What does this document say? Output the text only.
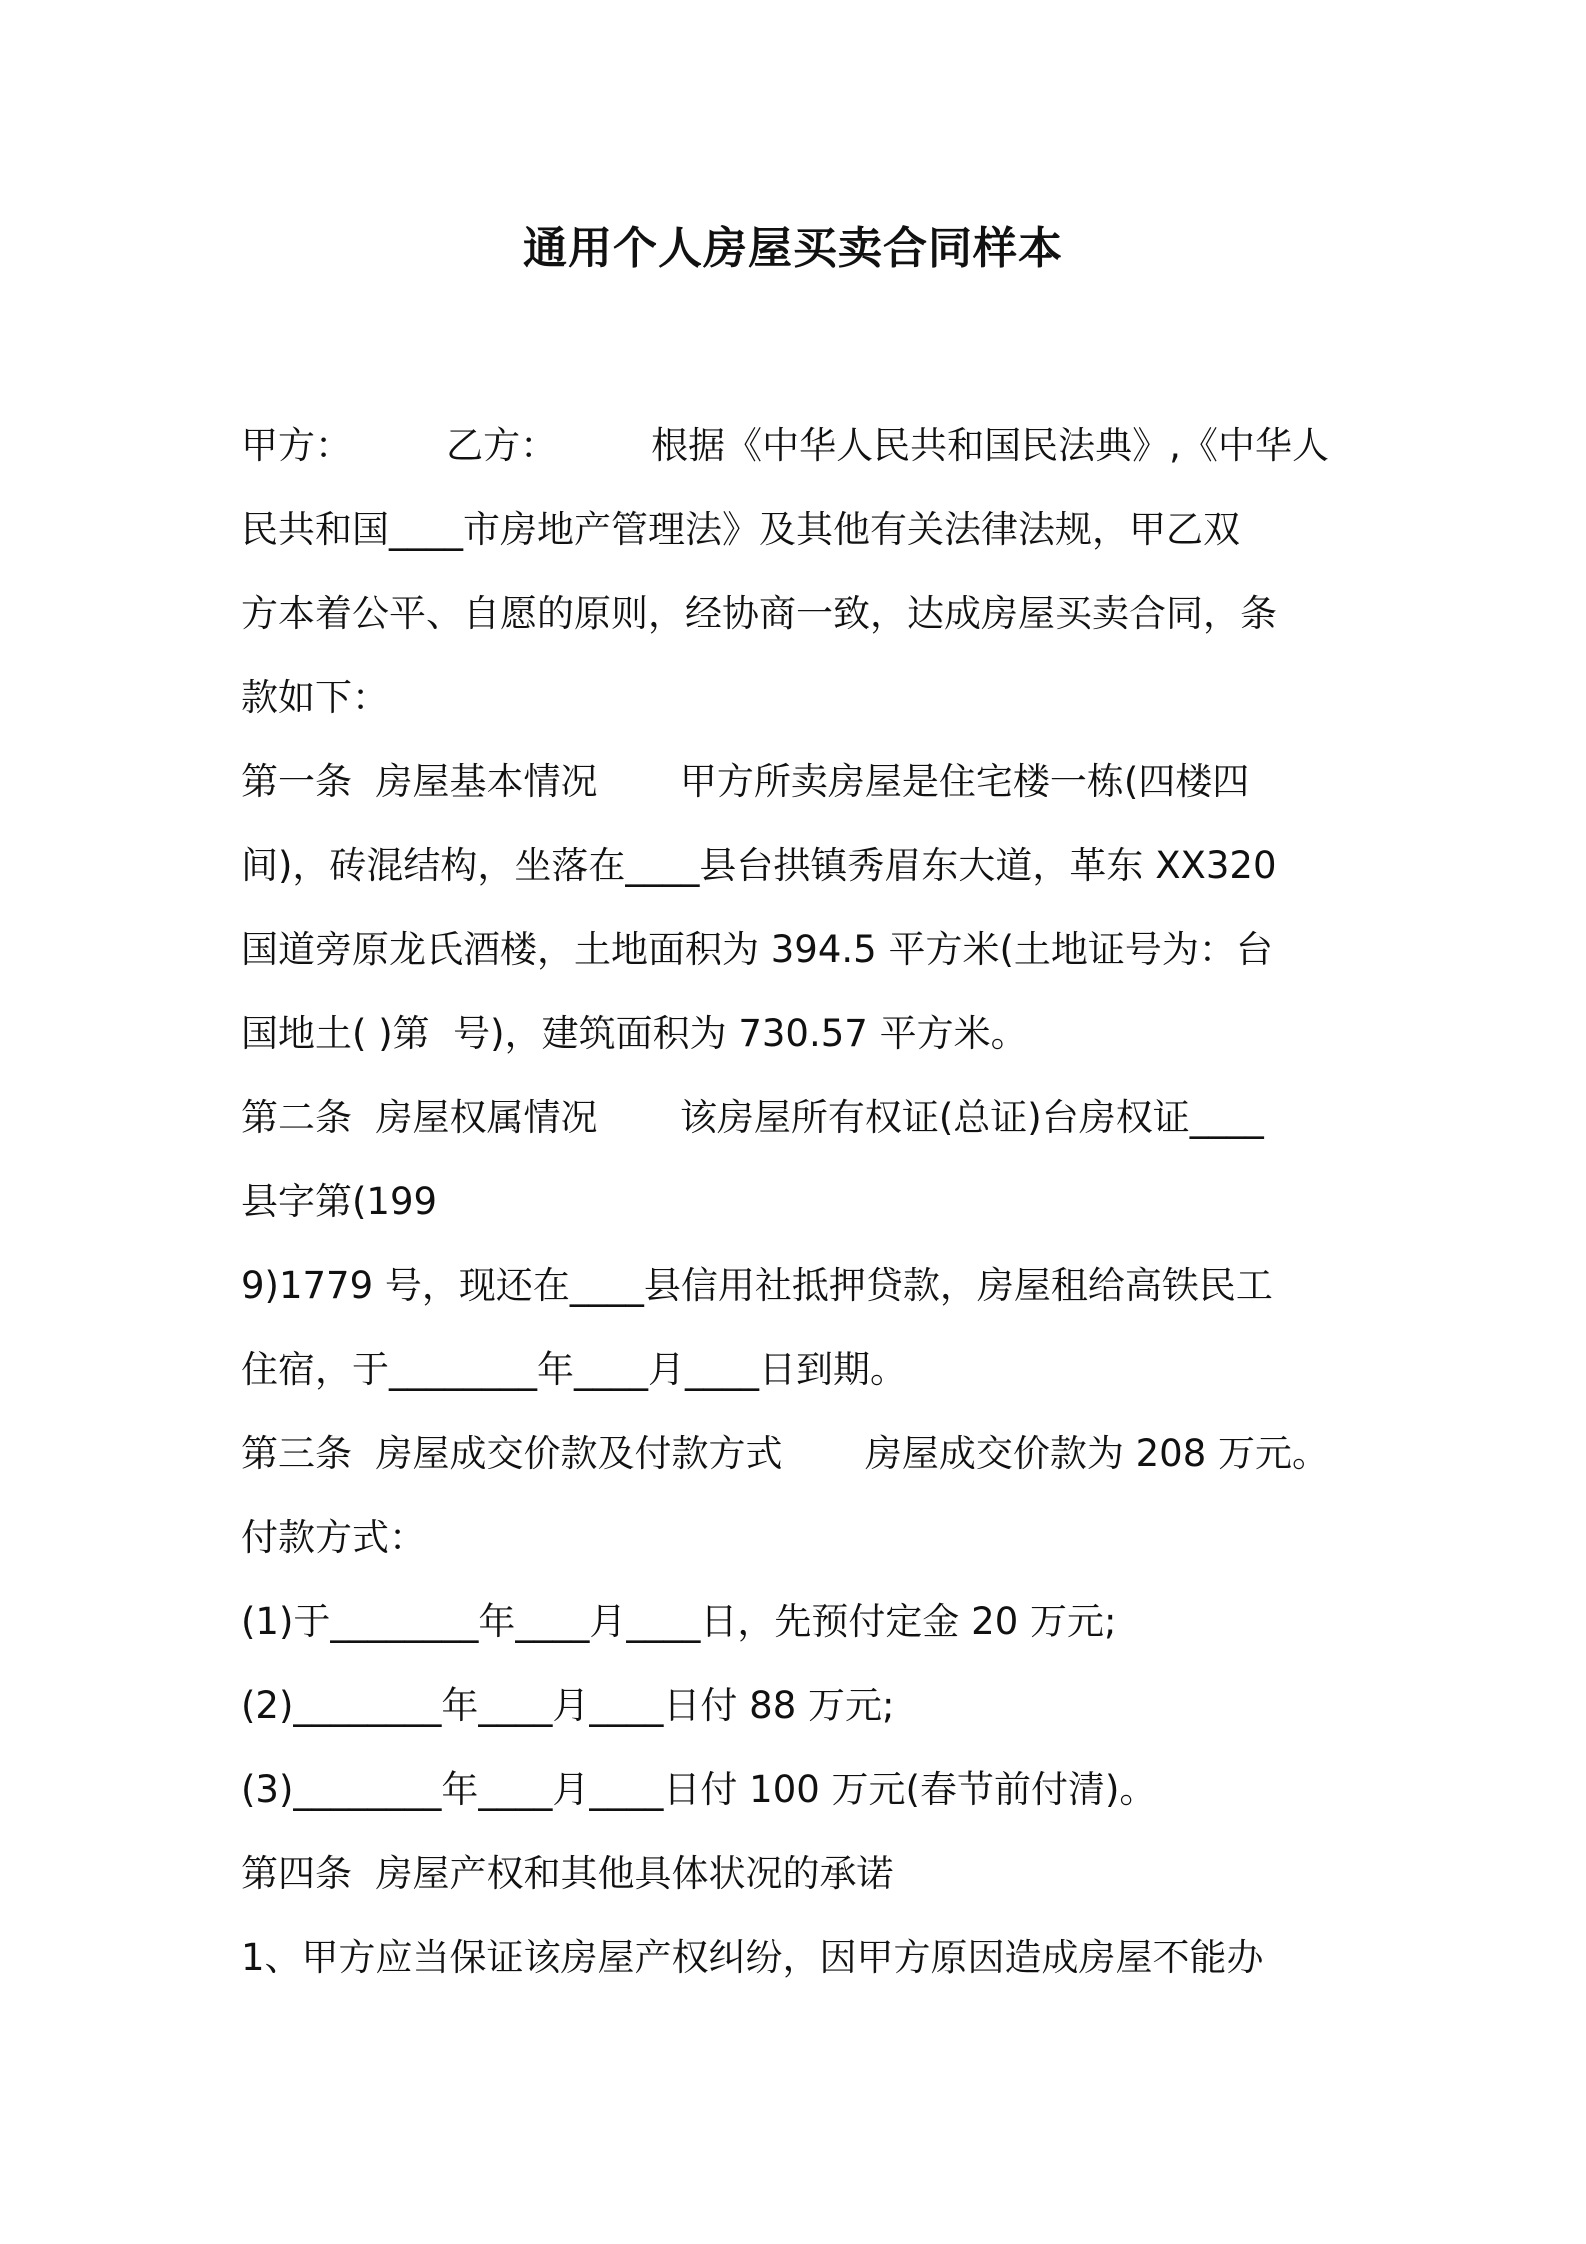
通用个人房屋买卖合同样本
甲方：        乙方：        根据《中华人民共和国民法典》,《中华人
民共和国____市房地产管理法》及其他有关法律法规，甲乙双
方本着公平、自愿的原则，经协商一致，达成房屋买卖合同，条
款如下：
第一条  房屋基本情况       甲方所卖房屋是住宅楼一栋(四楼四
间)，砖混结构，坐落在____县台拱镇秀眉东大道，革东 XX320
国道旁原龙氏酒楼，土地面积为 394.5 平方米(土地证号为：台
国地土( )第  号)，建筑面积为 730.57 平方米。
第二条  房屋权属情况       该房屋所有权证(总证)台房权证____
县字第(199
9)1779 号，现还在____县信用社抵押贷款，房屋租给高铁民工
住宿，于________年____月____日到期。
第三条  房屋成交价款及付款方式       房屋成交价款为 208 万元。
付款方式：
(1)于________年____月____日，先预付定金 20 万元;
(2)________年____月____日付 88 万元;
(3)________年____月____日付 100 万元(春节前付清)。
第四条  房屋产权和其他具体状况的承诺
1、甲方应当保证该房屋产权纠纷，因甲方原因造成房屋不能办
